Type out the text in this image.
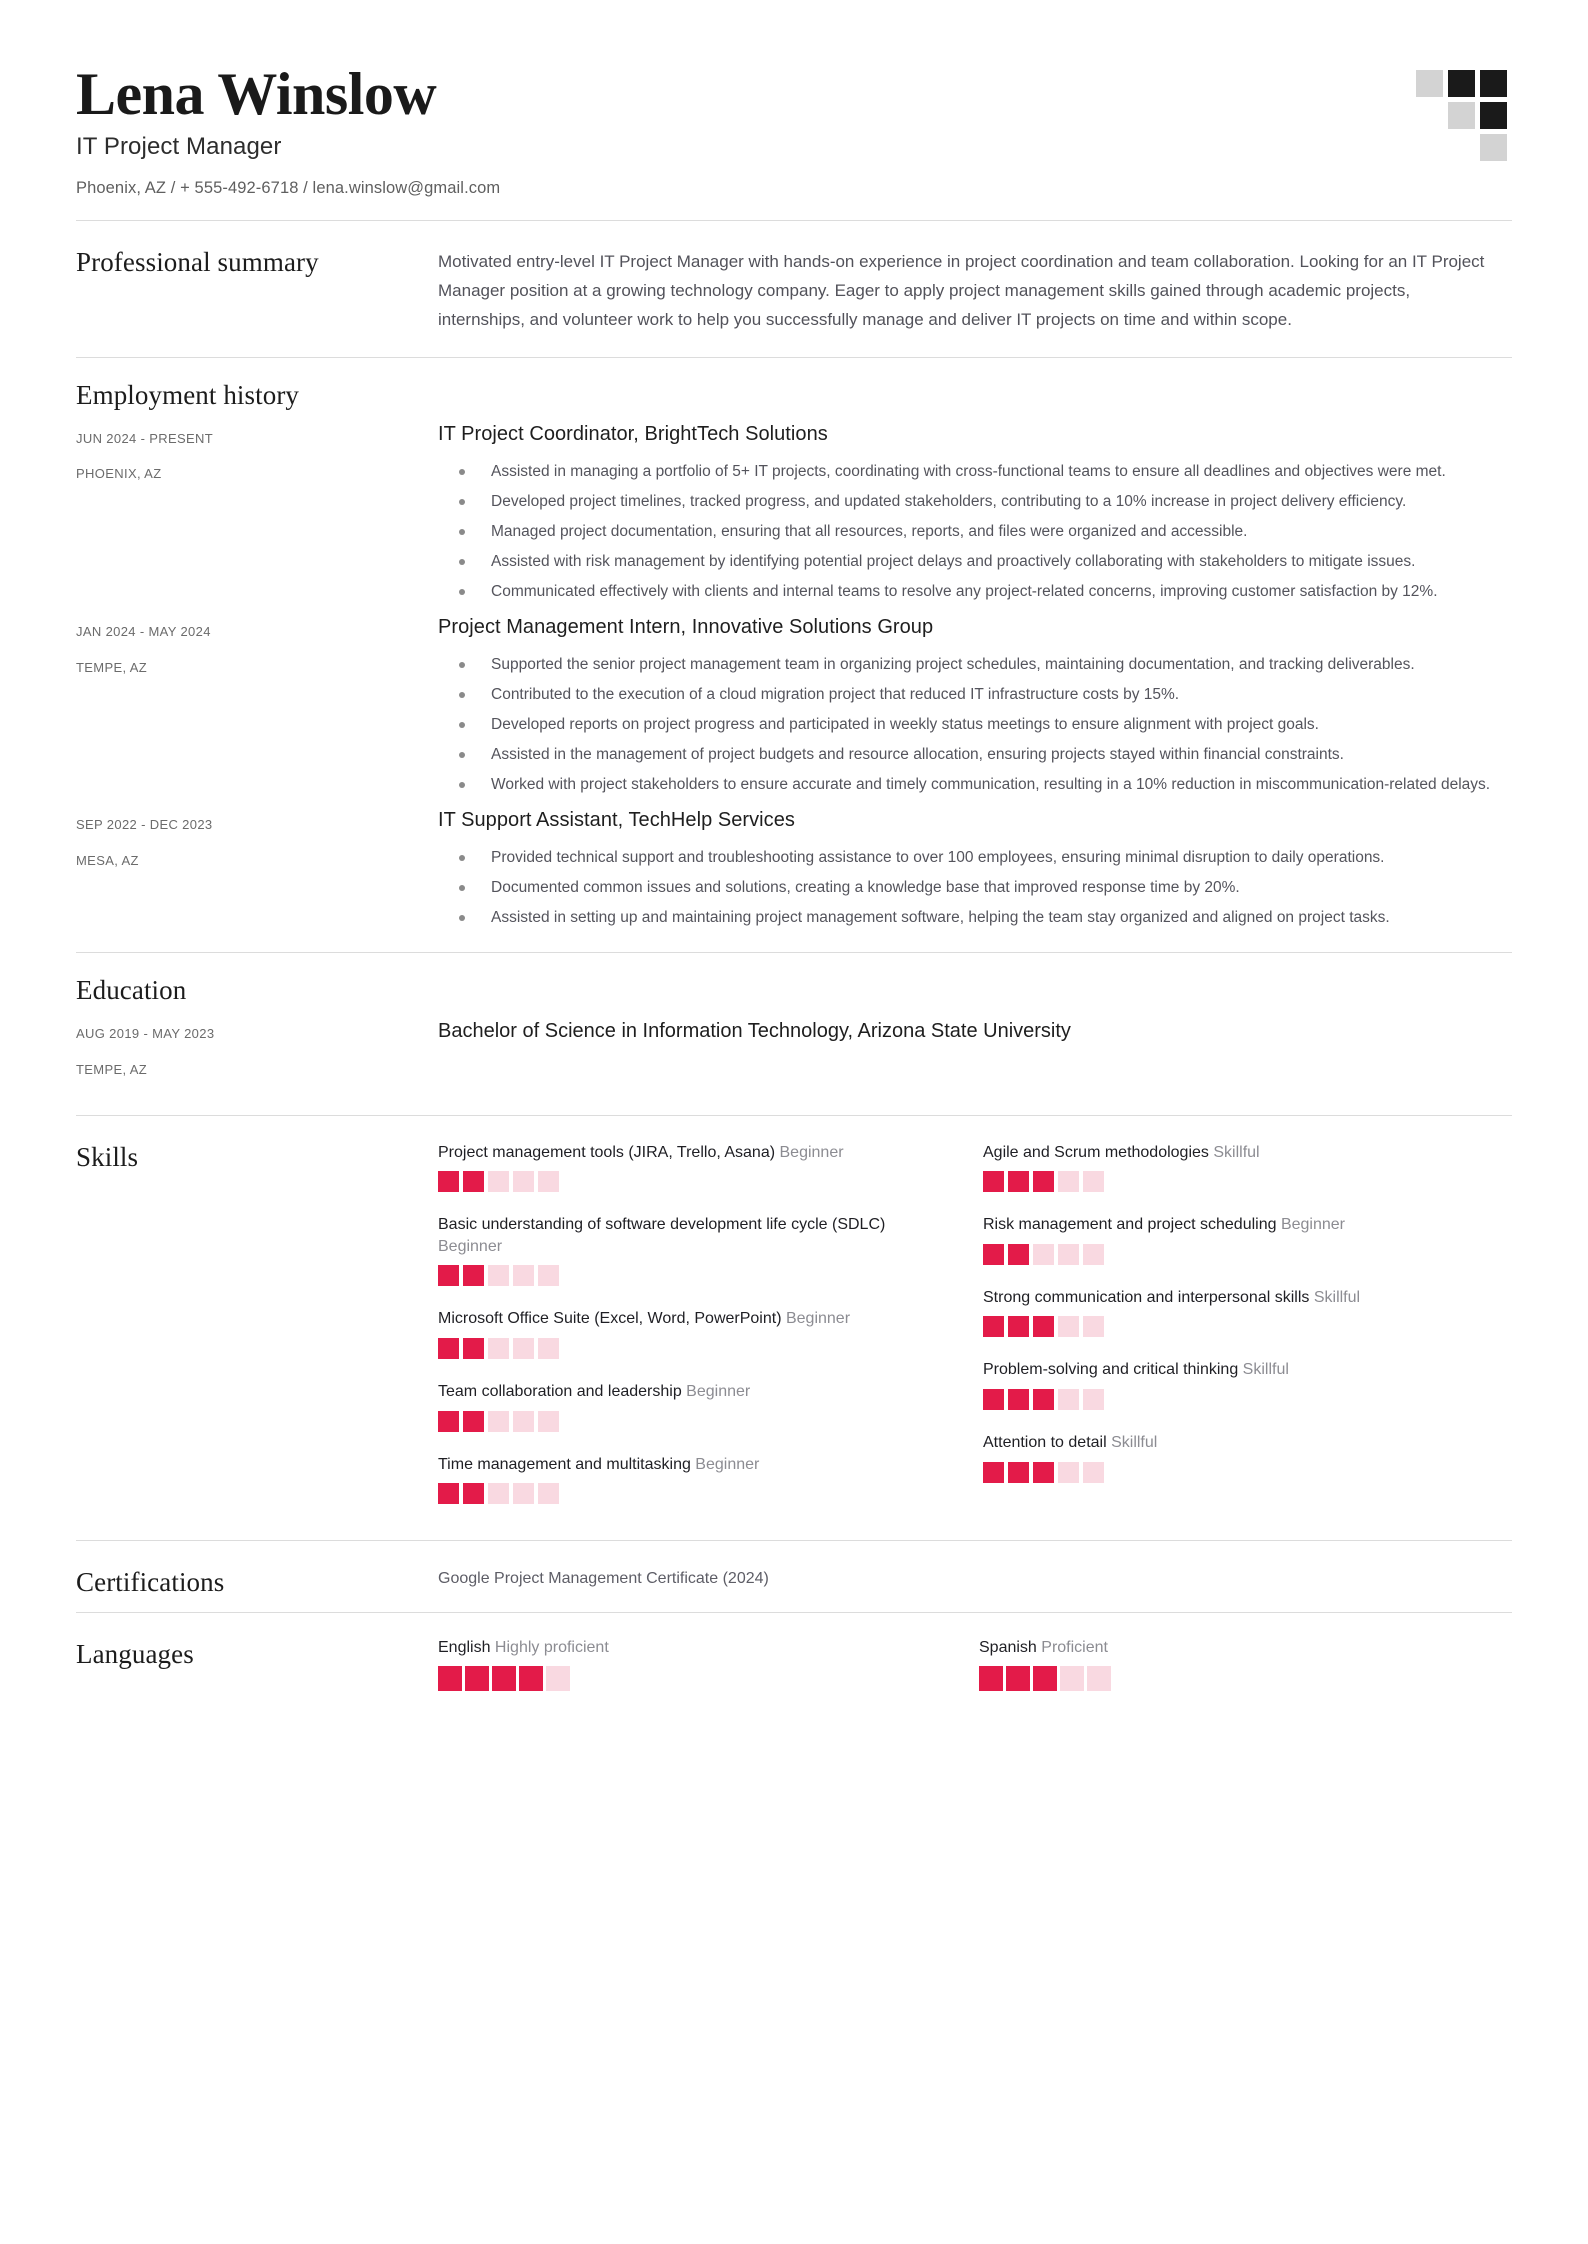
Lena Winslow
IT Project Manager
Phoenix, AZ / + 555-492-6718 / lena.winslow@gmail.com
Professional summary	Motivated entry-level IT Project Manager with hands-on experience in project coordination and team collaboration. Looking for an IT Project Manager position at a growing technology company. Eager to apply project management skills gained through academic projects, internships, and volunteer work to help you successfully manage and deliver IT projects on time and within scope.
Employment history
JUN 2024 - PRESENT
PHOENIX, AZ
IT Project Coordinator, BrightTech Solutions
Assisted in managing a portfolio of 5+ IT projects, coordinating with cross-functional teams to ensure all deadlines and objectives were met.
Developed project timelines, tracked progress, and updated stakeholders, contributing to a 10% increase in project delivery efficiency.
Managed project documentation, ensuring that all resources, reports, and files were organized and accessible.
Assisted with risk management by identifying potential project delays and proactively collaborating with stakeholders to mitigate issues.
Communicated effectively with clients and internal teams to resolve any project-related concerns, improving customer satisfaction by 12%.
JAN 2024 - MAY 2024
TEMPE, AZ
Project Management Intern, Innovative Solutions Group
Supported the senior project management team in organizing project schedules, maintaining documentation, and tracking deliverables.
Contributed to the execution of a cloud migration project that reduced IT infrastructure costs by 15%.
Developed reports on project progress and participated in weekly status meetings to ensure alignment with project goals.
Assisted in the management of project budgets and resource allocation, ensuring projects stayed within financial constraints.
Worked with project stakeholders to ensure accurate and timely communication, resulting in a 10% reduction in miscommunication-related delays.
SEP 2022 - DEC 2023
MESA, AZ
IT Support Assistant, TechHelp Services
Provided technical support and troubleshooting assistance to over 100 employees, ensuring minimal disruption to daily operations.
Documented common issues and solutions, creating a knowledge base that improved response time by 20%.
Assisted in setting up and maintaining project management software, helping the team stay organized and aligned on project tasks.
Education
AUG 2019 - MAY 2023
TEMPE, AZ
Bachelor of Science in Information Technology, Arizona State University
Skills	Project management tools (JIRA, Trello, Asana) Beginner
Basic understanding of software development life cycle (SDLC) Beginner
Microsoft Office Suite (Excel, Word, PowerPoint) Beginner
Team collaboration and leadership Beginner
Time management and multitasking Beginner
Agile and Scrum methodologies Skillful
Risk management and project scheduling Beginner
Strong communication and interpersonal skills Skillful
Problem-solving and critical thinking Skillful
Attention to detail Skillful
Certifications	Google Project Management Certificate (2024)
Languages	English Highly proficient	Spanish Proficient
